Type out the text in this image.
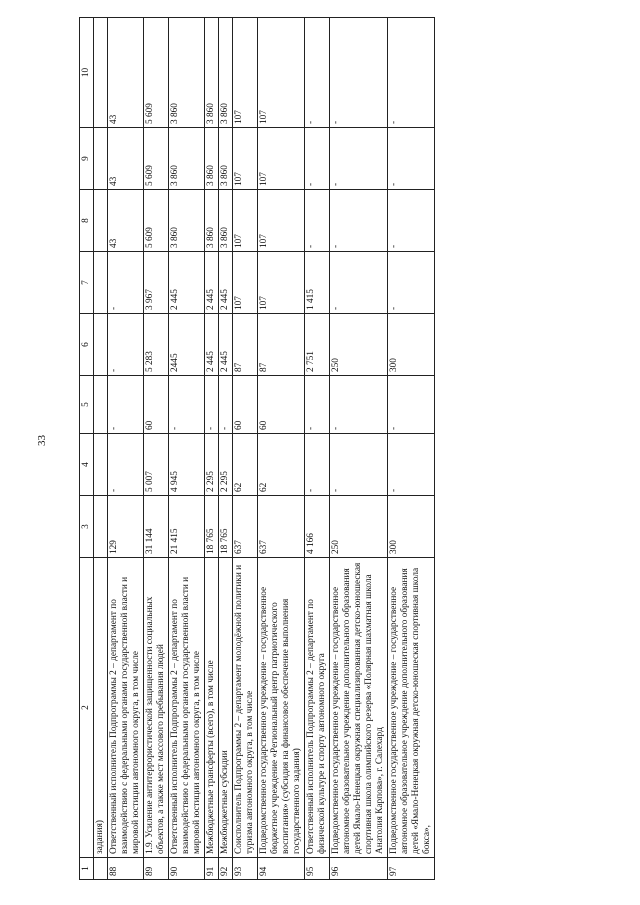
33
1	2	3	4	5	6	7	8	9	10
	задания)								
88	Ответственный исполнитель Подпрограммы 2 – департамент по взаимодействию с федеральными органами государственной власти и мировой юстиции автономного округа, в том числе	129	-	-	-	-	43	43	43
89	1.9. Усиление антитеррористической защищенности социальных объектов, а также мест массового пребывания людей	31 144	5 007	60	5 283	3 967	5 609	5 609	5 609
90	Ответственный исполнитель Подпрограммы 2 – департамент по взаимодействию с федеральными органами государственной власти и мировой юстиции автономного округа, в том числе	21 415	4 945	-	2445	2 445	3 860	3 860	3 860
91	Межбюджетные трансферты (всего), в том числе	18 765	2 295	-	2 445	2 445	3 860	3 860	3 860
92	Межбюджетные субсидии	18 765	2 295	-	2 445	2 445	3 860	3 860	3 860
93	Соисполнитель Подпрограммы 2 – департамент молодёжной политики и туризма автономного округа, в том числе	637	62	60	87	107	107	107	107
94	Подведомственное государственное учреждение – государственное бюджетное учреждение «Региональный центр патриотического воспитания» (субсидия на финансовое обеспечение выполнения государственного задания)	637	62	60	87	107	107	107	107
95	Ответственный исполнитель Подпрограммы 2 – департамент по физической культуре и спорту автономного округа	4 166	-	-	2 751	1 415	-	-	-
96	Подведомственное государственное учреждение – государственное автономное образовательное учреждение дополнительного образования детей Ямало-Ненецкая окружная специализированная детско-юношеская спортивная школа олимпийского резерва «Полярная шахматная школа Анатолия Карпова», г. Салехард	250	-	-	250	-	-	-	-
97	Подведомственное государственное учреждение – государственное автономное образовательное учреждение дополнительного образования детей «Ямало-Ненецкая окружная детско-юношеская спортивная школа бокса»,	300	-	-	300	-	-	-	-
